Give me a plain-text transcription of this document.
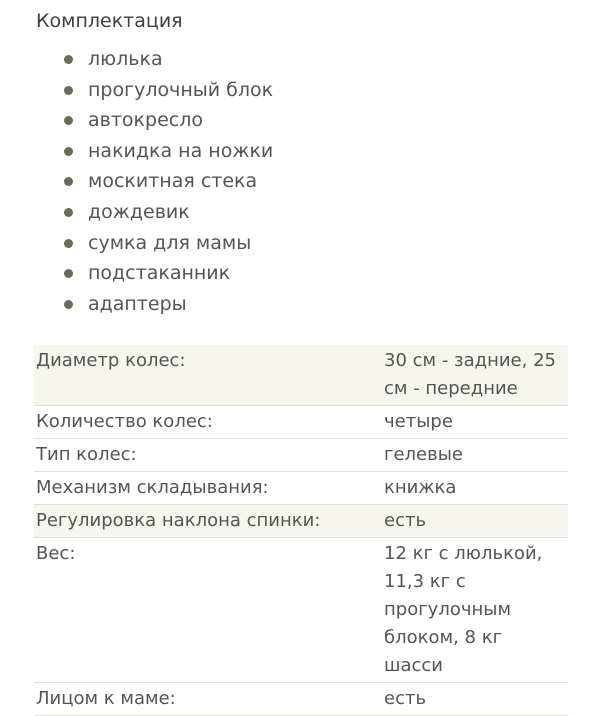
Комплектация
люлька
прогулочный блок
автокресло
накидка на ножки
москитная стека
дождевик
сумка для мамы
подстаканник
адаптеры
Диаметр колес:	30 см - задние, 25 см - передние
Количество колес:	четыре
Тип колес:	гелевые
Механизм складывания:	книжка
Регулировка наклона спинки:	есть
Вес:	12 кг с люлькой, 11,3 кг с прогулочным блоком, 8 кг шасси
Лицом к маме:	есть
